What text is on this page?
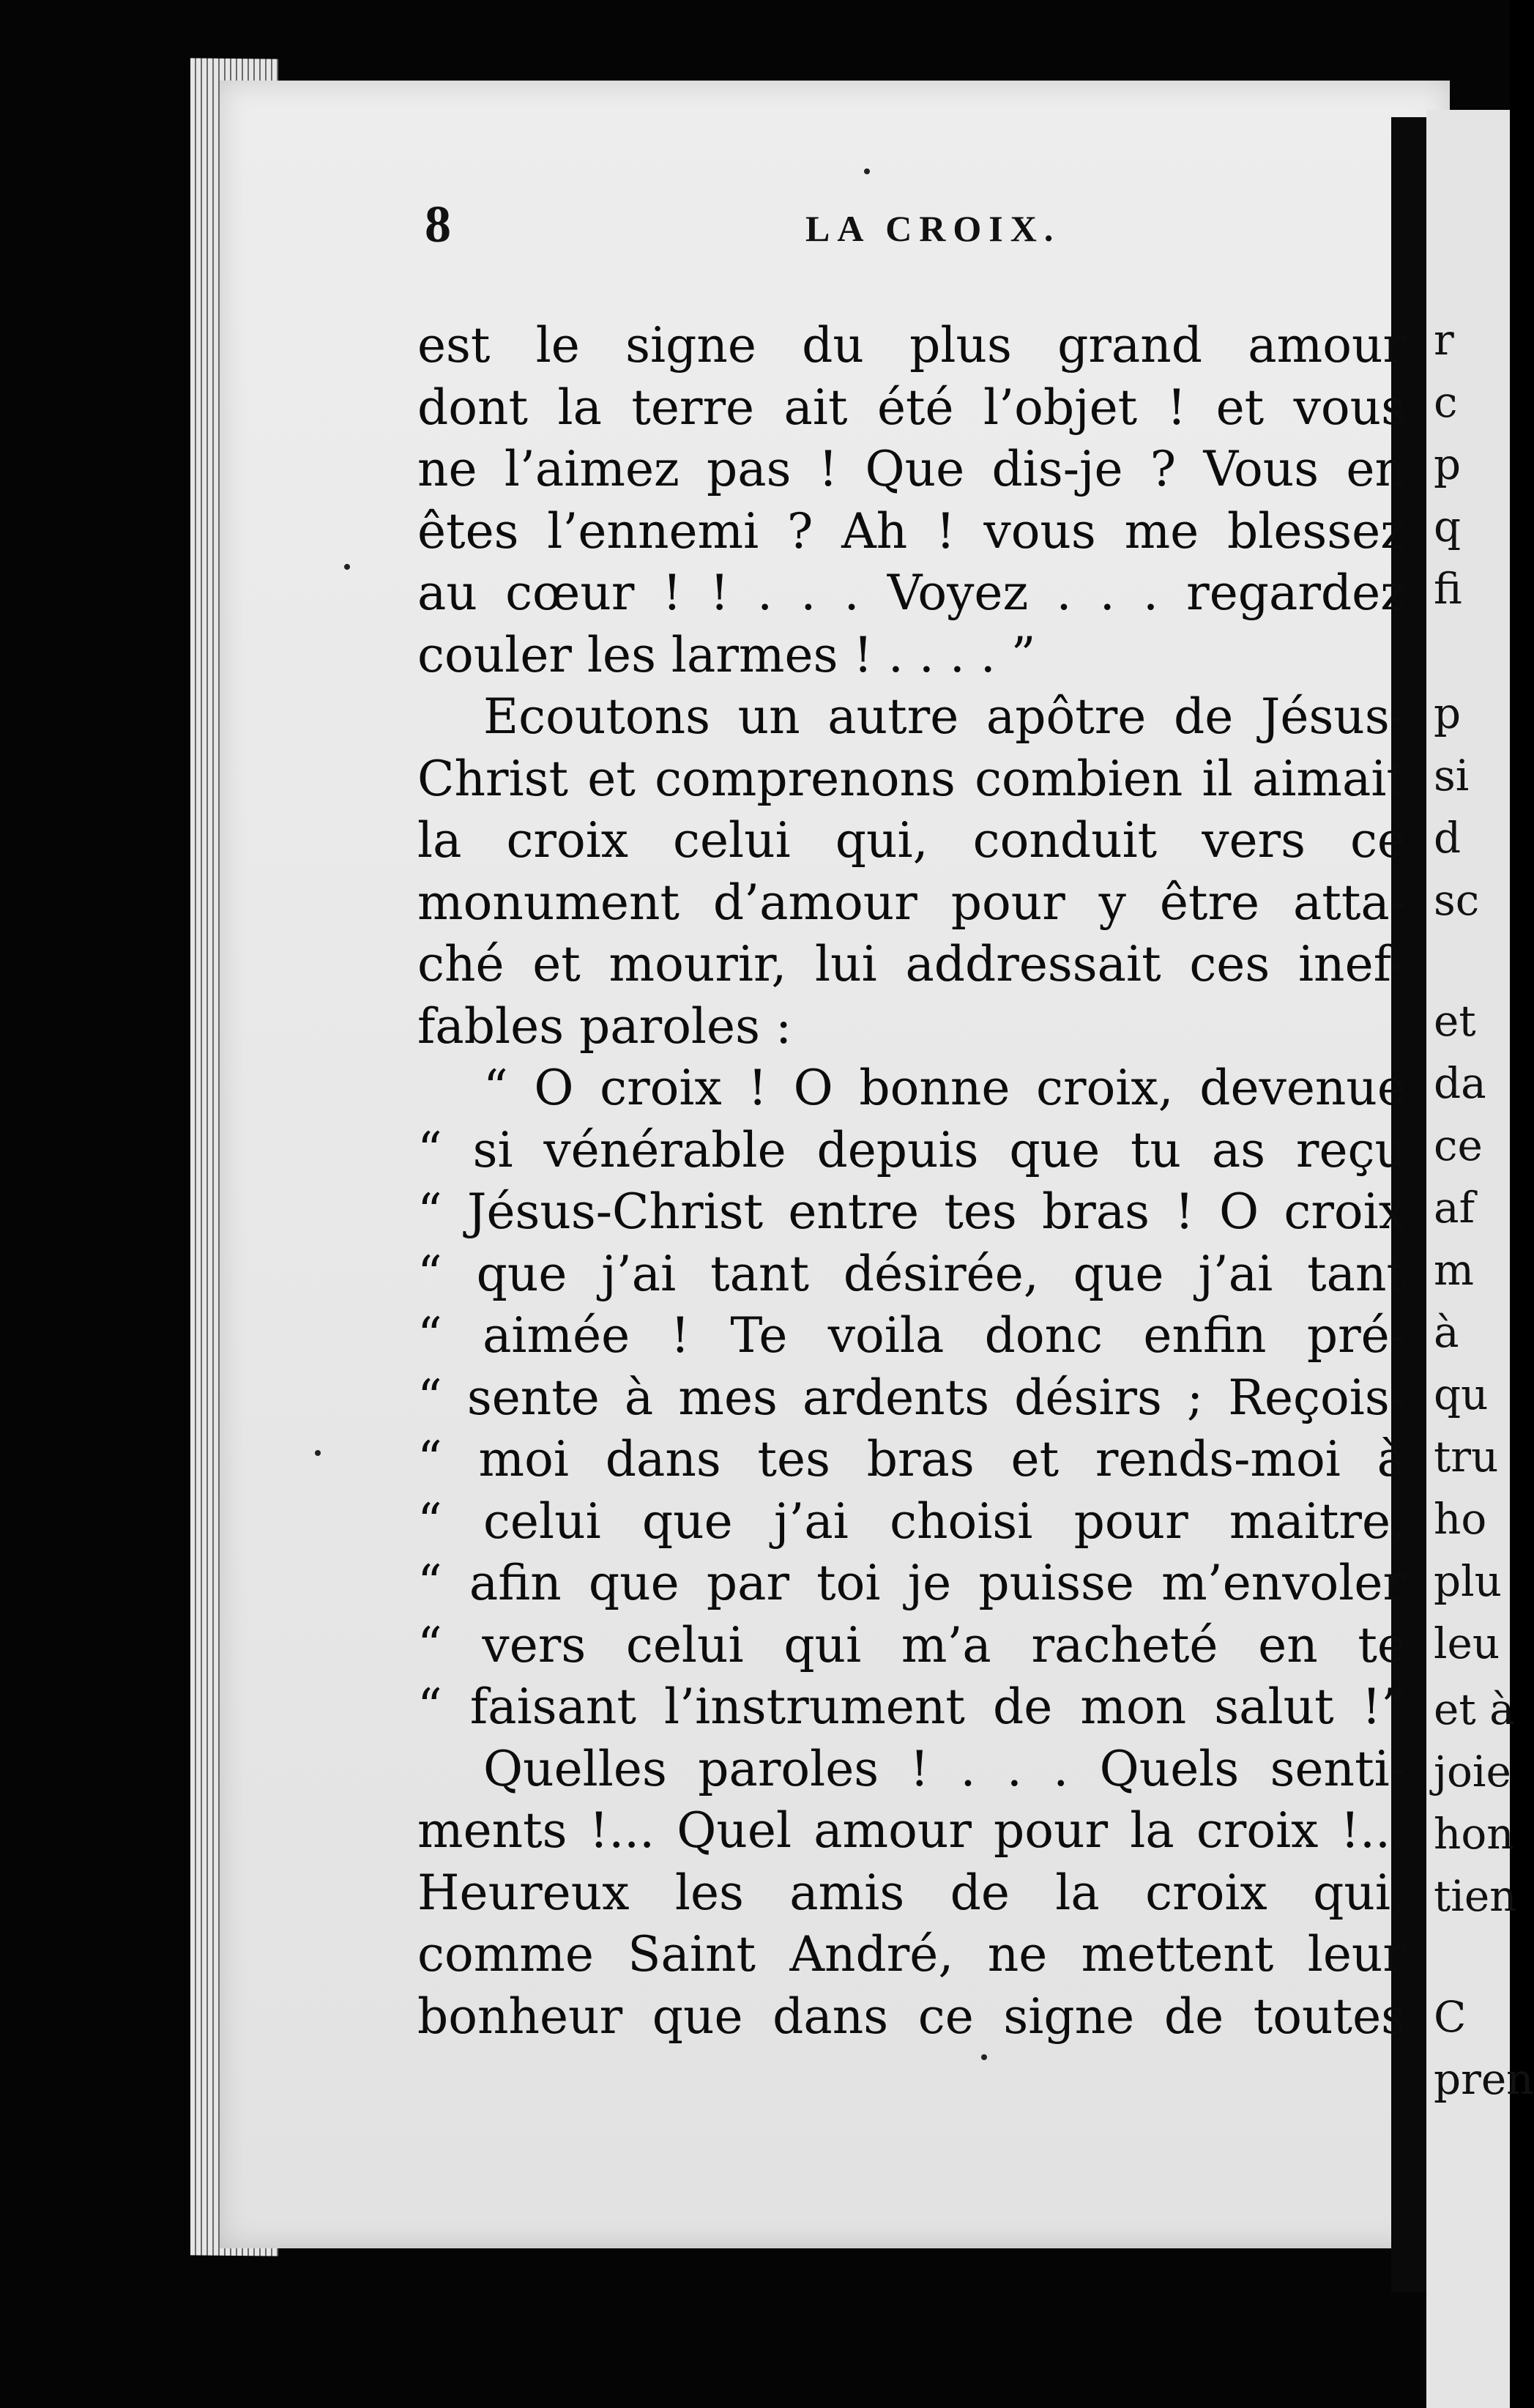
r
c
p
q
fi
p
si
d
sc
et
da
ce
af
m
à
qu
tru
ho
plu
leu
et à
joie
hon
tien
C
pren
8	LA CROIX.
est le signe du plus grand amour
dont la terre ait été l’objet ! et vous
ne l’aimez pas ! Que dis-je ? Vous en
êtes l’ennemi ? Ah ! vous me blessez
au cœur ! ! . . . Voyez . . . regardez
couler les larmes ! . . . . ”
Ecoutons un autre apôtre de Jésus-
Christ et comprenons combien il aimait
la croix celui qui, conduit vers ce
monument d’amour pour y être atta-
ché et mourir, lui addressait ces inef-
fables paroles :
“ O croix ! O bonne croix, devenue
“ si vénérable depuis que tu as reçu
“ Jésus-Christ entre tes bras ! O croix
“ que j’ai tant désirée, que j’ai tant
“ aimée ! Te voila donc enfin pré-
“ sente à mes ardents désirs ; Reçois-
“ moi dans tes bras et rends-moi à
“ celui que j’ai choisi pour maitre,
“ afin que par toi je puisse m’envoler
“ vers celui qui m’a racheté en te
“ faisant l’instrument de mon salut !”
Quelles paroles ! . . . Quels senti-
ments !... Quel amour pour la croix !...
Heureux les amis de la croix qui,
comme Saint André, ne mettent leur
bonheur que dans ce signe de toutes
